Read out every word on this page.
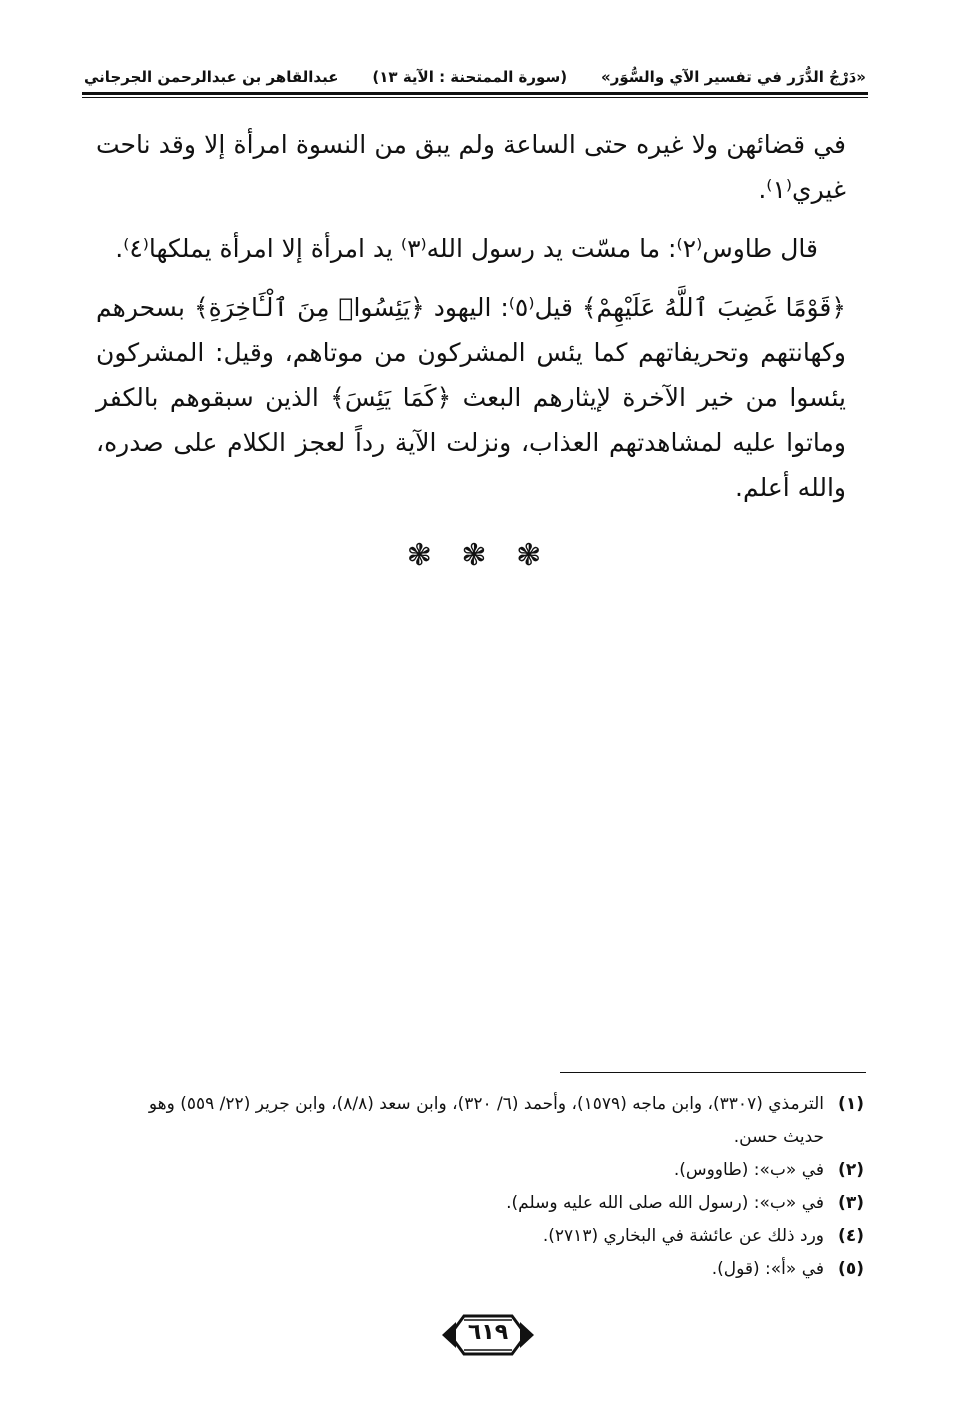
«دَرْجُ الدُّرَر في تفسير الآي والسُّوَر»
(سورة الممتحنة : الآية ١٣)
عبدالقاهر بن عبدالرحمن الجرجاني

في قضائهن ولا غيره حتى الساعة ولم يبق من النسوة امرأة إلا وقد ناحت غيري⁽١⁾.

قال طاوس⁽٢⁾: ما مسّت يد رسول الله⁽٣⁾ يد امرأة إلا امرأة يملكها⁽٤⁾.

﴿قَوْمًا غَضِبَ ٱللَّهُ عَلَيْهِمْ﴾ قيل⁽٥⁾: اليهود ﴿يَئِسُوا۟ مِنَ ٱلْـَٔاخِرَةِ﴾ بسحرهم وكهانتهم وتحريفاتهم كما يئس المشركون من موتاهم، وقيل: المشركون يئسوا من خير الآخرة لإيثارهم البعث ﴿كَمَا يَئِسَ﴾ الذين سبقوهم بالكفر وماتوا عليه لمشاهدتهم العذاب، ونزلت الآية رداً لعجز الكلام على صدره، والله أعلم.

❃ ❃ ❃
(١)
الترمذي (٣٣٠٧)، وابن ماجه (١٥٧٩)، وأحمد (٦/ ٣٢٠)، وابن سعد (٨/٨)، وابن جرير (٢٢/ ٥٥٩) وهو حديث حسن.
(٢)
في «ب»: (طاووس).
(٣)
في «ب»: (رسول الله صلى الله عليه وسلم).
(٤)
ورد ذلك عن عائشة في البخاري (٢٧١٣).
(٥)
في «أ»: (قول).
٦١٩
